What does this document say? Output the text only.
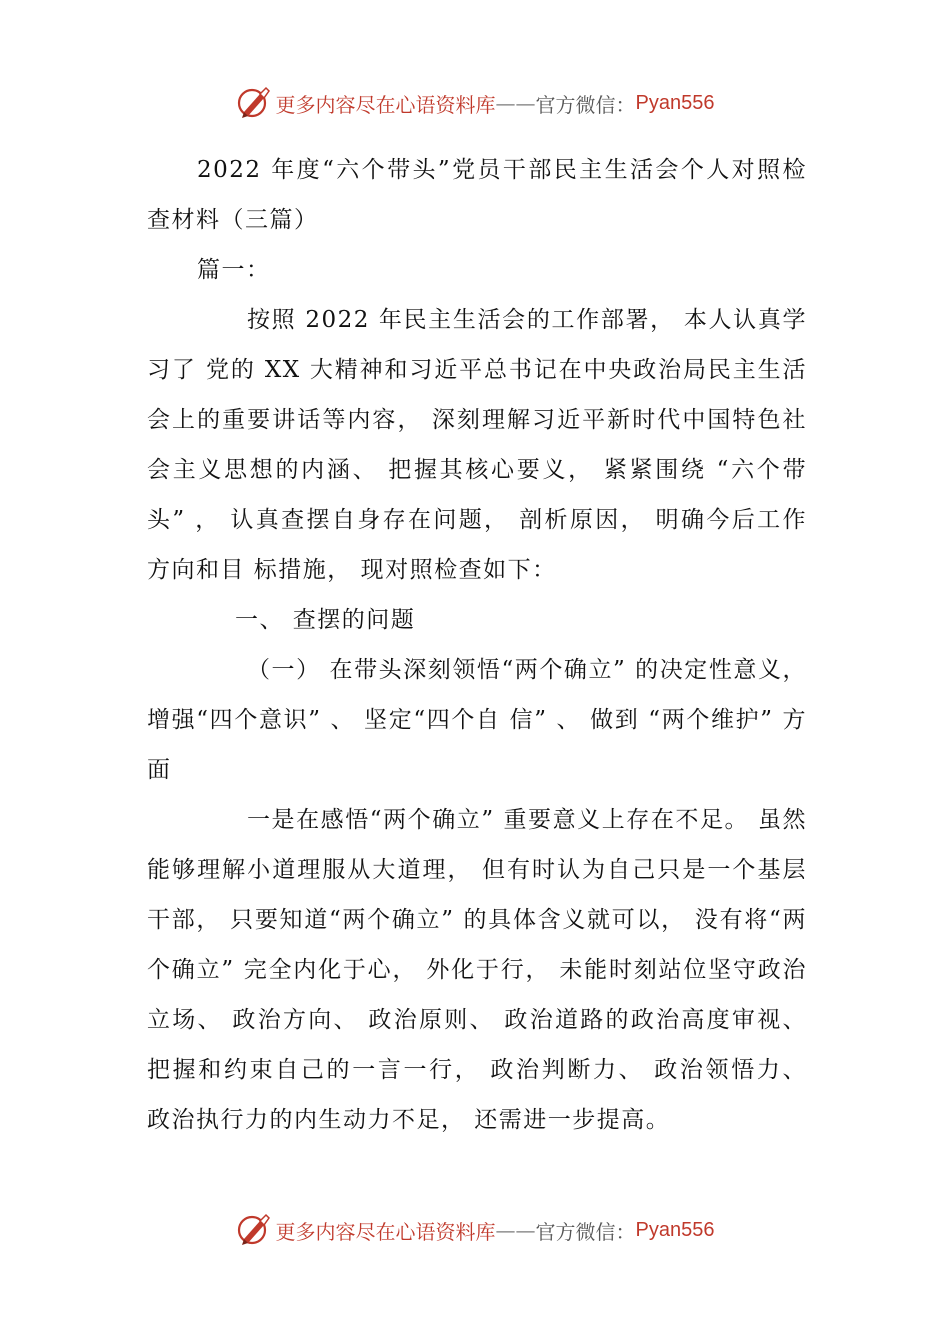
更多内容尽在心语资料库 —— 官方微信： Pyan556

2022 年度“六个带头”党员干部民主生活会个人对照检查材料（三篇）

篇一：

按照 2022 年民主生活会的工作部署， 本人认真学习了 党的 XX 大精神和习近平总书记在中央政治局民主生活会上的重要讲话等内容， 深刻理解习近平新时代中国特色社会主义思想的内涵、 把握其核心要义， 紧紧围绕 “六个带头” ， 认真查摆自身存在问题， 剖析原因， 明确今后工作方向和目 标措施， 现对照检查如下：

一、 查摆的问题

（一） 在带头深刻领悟“两个确立” 的决定性意义， 增强“四个意识” 、 坚定“四个自 信” 、 做到 “两个维护” 方面

一是在感悟“两个确立” 重要意义上存在不足。 虽然能够理解小道理服从大道理， 但有时认为自己只是一个基层干部， 只要知道“两个确立” 的具体含义就可以， 没有将“两个确立” 完全内化于心， 外化于行， 未能时刻站位坚守政治立场、 政治方向、 政治原则、 政治道路的政治高度审视、 把握和约束自己的一言一行， 政治判断力、 政治领悟力、 政治执行力的内生动力不足， 还需进一步提高。

更多内容尽在心语资料库 —— 官方微信： Pyan556
